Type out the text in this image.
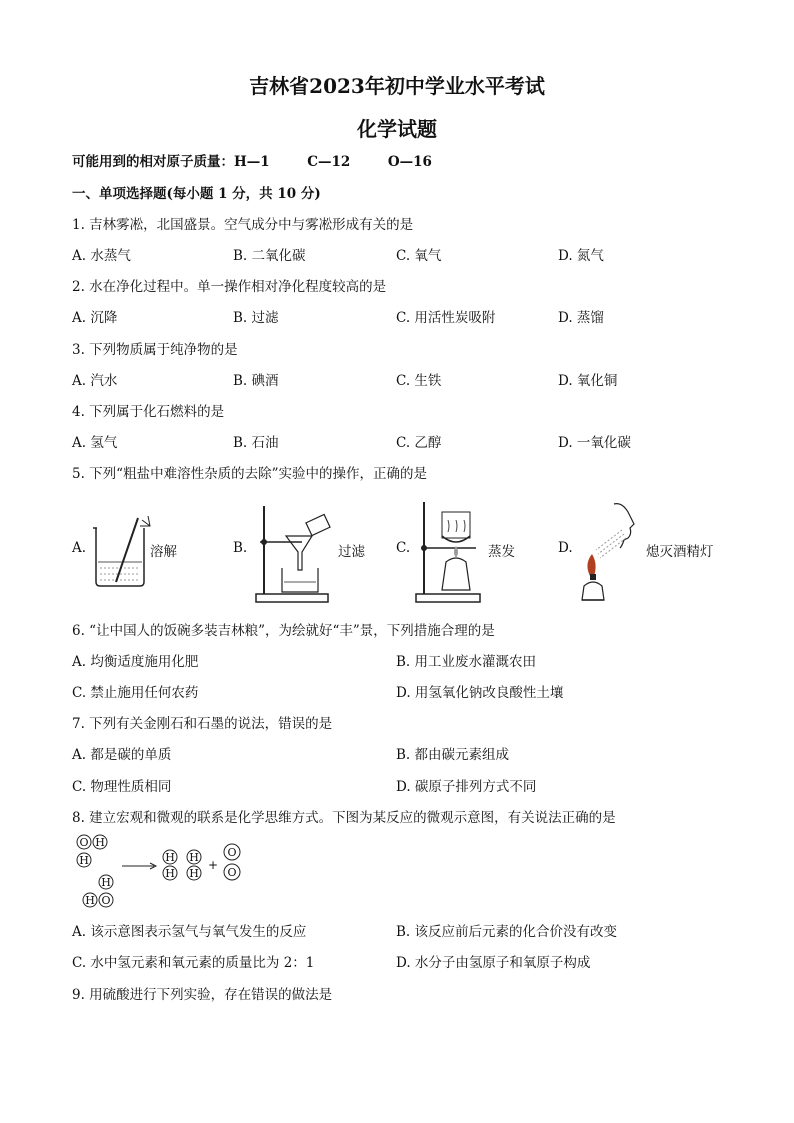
吉林省2023年初中学业水平考试
化学试题
可能用到的相对原子质量：H—1        C—12        O—16
一、单项选择题(每小题 1 分，共 10 分)
1. 吉林雾凇，北国盛景。空气成分中与雾凇形成有关的是
A. 水蒸气	B. 二氧化碳	C. 氧气	D. 氮气
2. 水在净化过程中。单一操作相对净化程度较高的是
A. 沉降	B. 过滤	C. 用活性炭吸附	D. 蒸馏
3. 下列物质属于纯净物的是
A. 汽水	B. 碘酒	C. 生铁	D. 氧化铜
4. 下列属于化石燃料的是
A. 氢气	B. 石油	C. 乙醇	D. 一氧化碳
5. 下列“粗盐中难溶性杂质的去除”实验中的操作，正确的是
A.	溶解	B.	过滤 C.	蒸发	D.	熄灭酒精灯
6. “让中国人的饭碗多装吉林粮”，为绘就好“丰”景，下列措施合理的是
A. 均衡适度施用化肥	B. 用工业废水灌溉农田
C. 禁止施用任何农药	D. 用氢氧化钠改良酸性土壤
7. 下列有关金刚石和石墨的说法，错误的是
A. 都是碳的单质	B. 都由碳元素组成
C. 物理性质相同	D. 碳原子排列方式不同
8. 建立宏观和微观的联系是化学思维方式。下图为某反应的微观示意图，有关说法正确的是
O H
H
H
H O
H
H
H
H
+
O
O
A. 该示意图表示氢气与氧气发生的反应	B. 该反应前后元素的化合价没有改变
C. 水中氢元素和氧元素的质量比为 2：1	D. 水分子由氢原子和氧原子构成
9. 用硫酸进行下列实验，存在错误的做法是
